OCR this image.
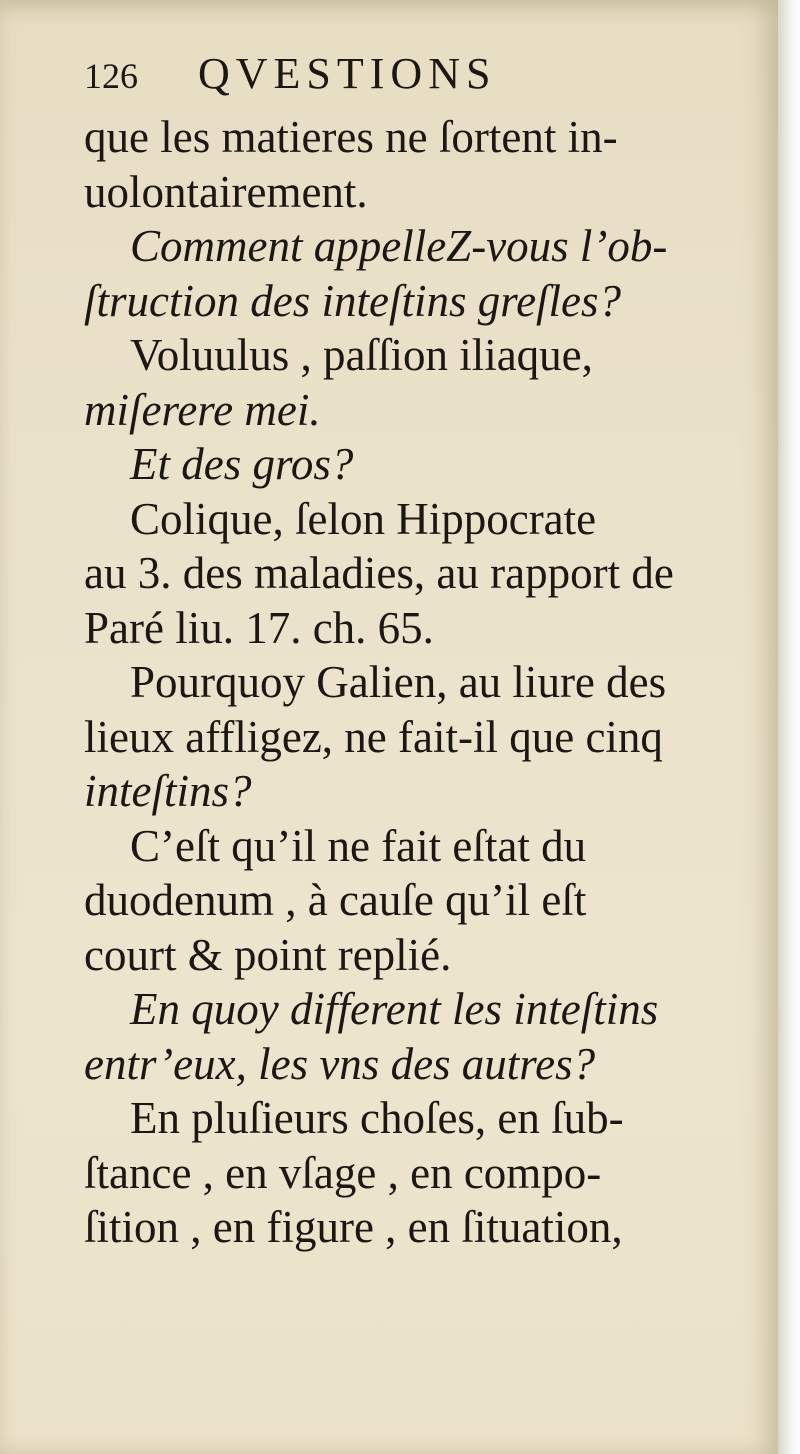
126 QVESTIONS
que les matieres ne ſortent in-
uolontairement.
Comment appelleZ-vous l’ob-
ſtruction des inteſtins greſles?
Voluulus , paſſion iliaque,
miſerere mei.
Et des gros?
Colique, ſelon Hippocrate
au 3. des maladies, au rapport de
Paré liu. 17. ch. 65.
Pourquoy Galien, au liure des
lieux affligez, ne fait-il que cinq
inteſtins?
C’eſt qu’il ne fait eſtat du
duodenum , à cauſe qu’il eſt
court & point replié.
En quoy different les inteſtins
entr’eux, les vns des autres?
En pluſieurs choſes, en ſub-
ſtance , en vſage , en compo-
ſition , en figure , en ſituation,
